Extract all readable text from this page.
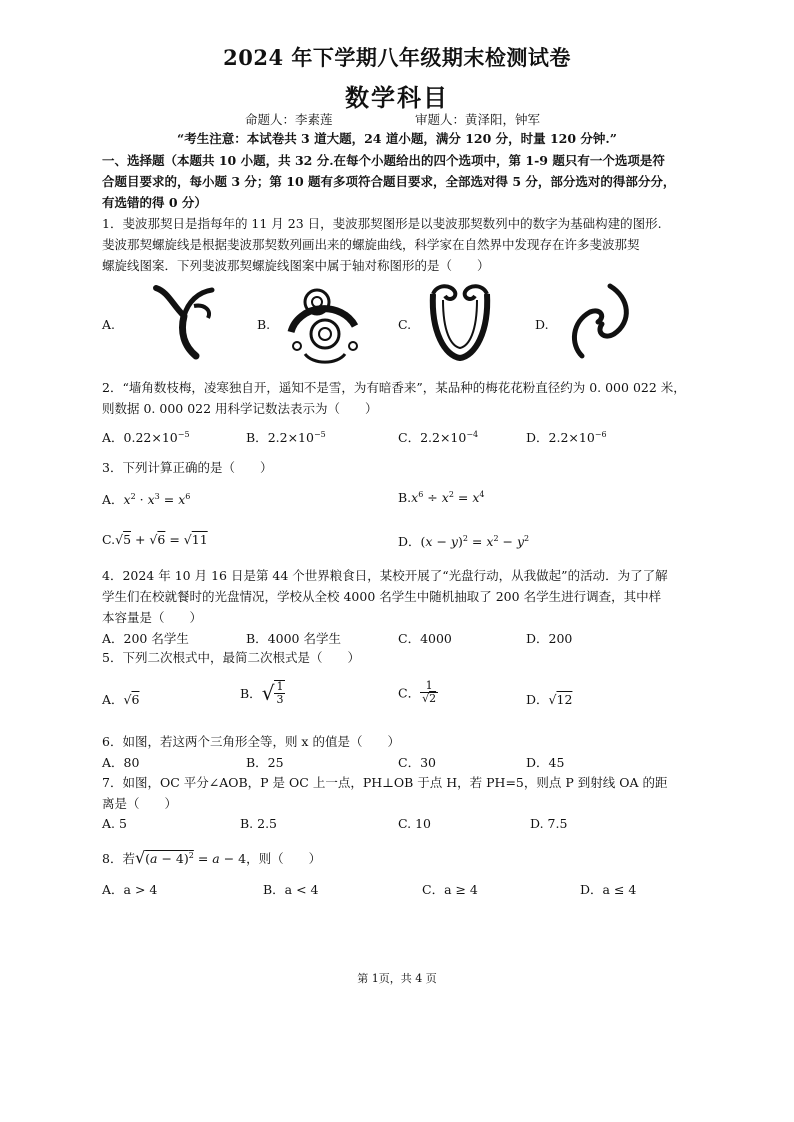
2024 年下学期八年级期末检测试卷
数学科目
命题人：李素莲	审题人：黄泽阳，钟军
“考生注意：本试卷共 3 道大题，24 道小题，满分 120 分，时量 120 分钟.”
一、选择题（本题共 10 小题，共 32 分.在每个小题给出的四个选项中，第 1-9 题只有一个选项是符
合题目要求的，每小题 3 分；第 10 题有多项符合题目要求，全部选对得 5 分，部分选对的得部分分，
有选错的得 0 分）
1．斐波那契日是指每年的 11 月 23 日，斐波那契图形是以斐波那契数列中的数字为基础构建的图形.
斐波那契螺旋线是根据斐波那契数列画出来的螺旋曲线，科学家在自然界中发现存在许多斐波那契
螺旋线图案．下列斐波那契螺旋线图案中属于轴对称图形的是（　　）
A.	B.	C.	D.
2．“墙角数枝梅，凌寒独自开，遥知不是雪，为有暗香来”，某品种的梅花花粉直径约为 0. 000 022 米，
则数据 0. 000 022 用科学记数法表示为（　　）
A．$0.22\times 10^{-5}$	B．$2.2\times 10^{-5}$	C．$2.2\times 10^{-4}$	D．$2.2\times 10^{-6}$
3．下列计算正确的是（　　）
A．$x^2 \cdot x^3 = x^6$	$B.x^6 \div x^2 = x^4$
C.√5 + √6 = √11	D．$(x - y)^2 = x^2 - y^2$
4．2024 年 10 月 16 日是第 44 个世界粮食日，某校开展了“光盘行动，从我做起”的活动．为了了解
学生们在校就餐时的光盘情况，学校从全校 4000 名学生中随机抽取了 200 名学生进行调查，其中样
本容量是（　　）
A．200 名学生	B．4000 名学生	C．4000	D．200
5．下列二次根式中，最简二次根式是（　　）
A．√6	B．√ $\frac{1}{3}$	C． $\frac{1}{√2}$	D．√12
6．如图，若这两个三角形全等，则 x 的值是（　　）
A．80	B．25	C．30	D．45
7．如图，OC 平分∠AOB，P 是 OC 上一点，PH⊥OB 于点 H，若 PH=5，则点 P 到射线 OA 的距
离是（　　）
A. 5	B. 2.5	C. 10	D. 7.5
8．若$√(a - 4)^2 = a - 4$，则（　　）
A．a > 4	B．a < 4	C．a ≥ 4	D．a ≤ 4
第 1页，共 4 页
